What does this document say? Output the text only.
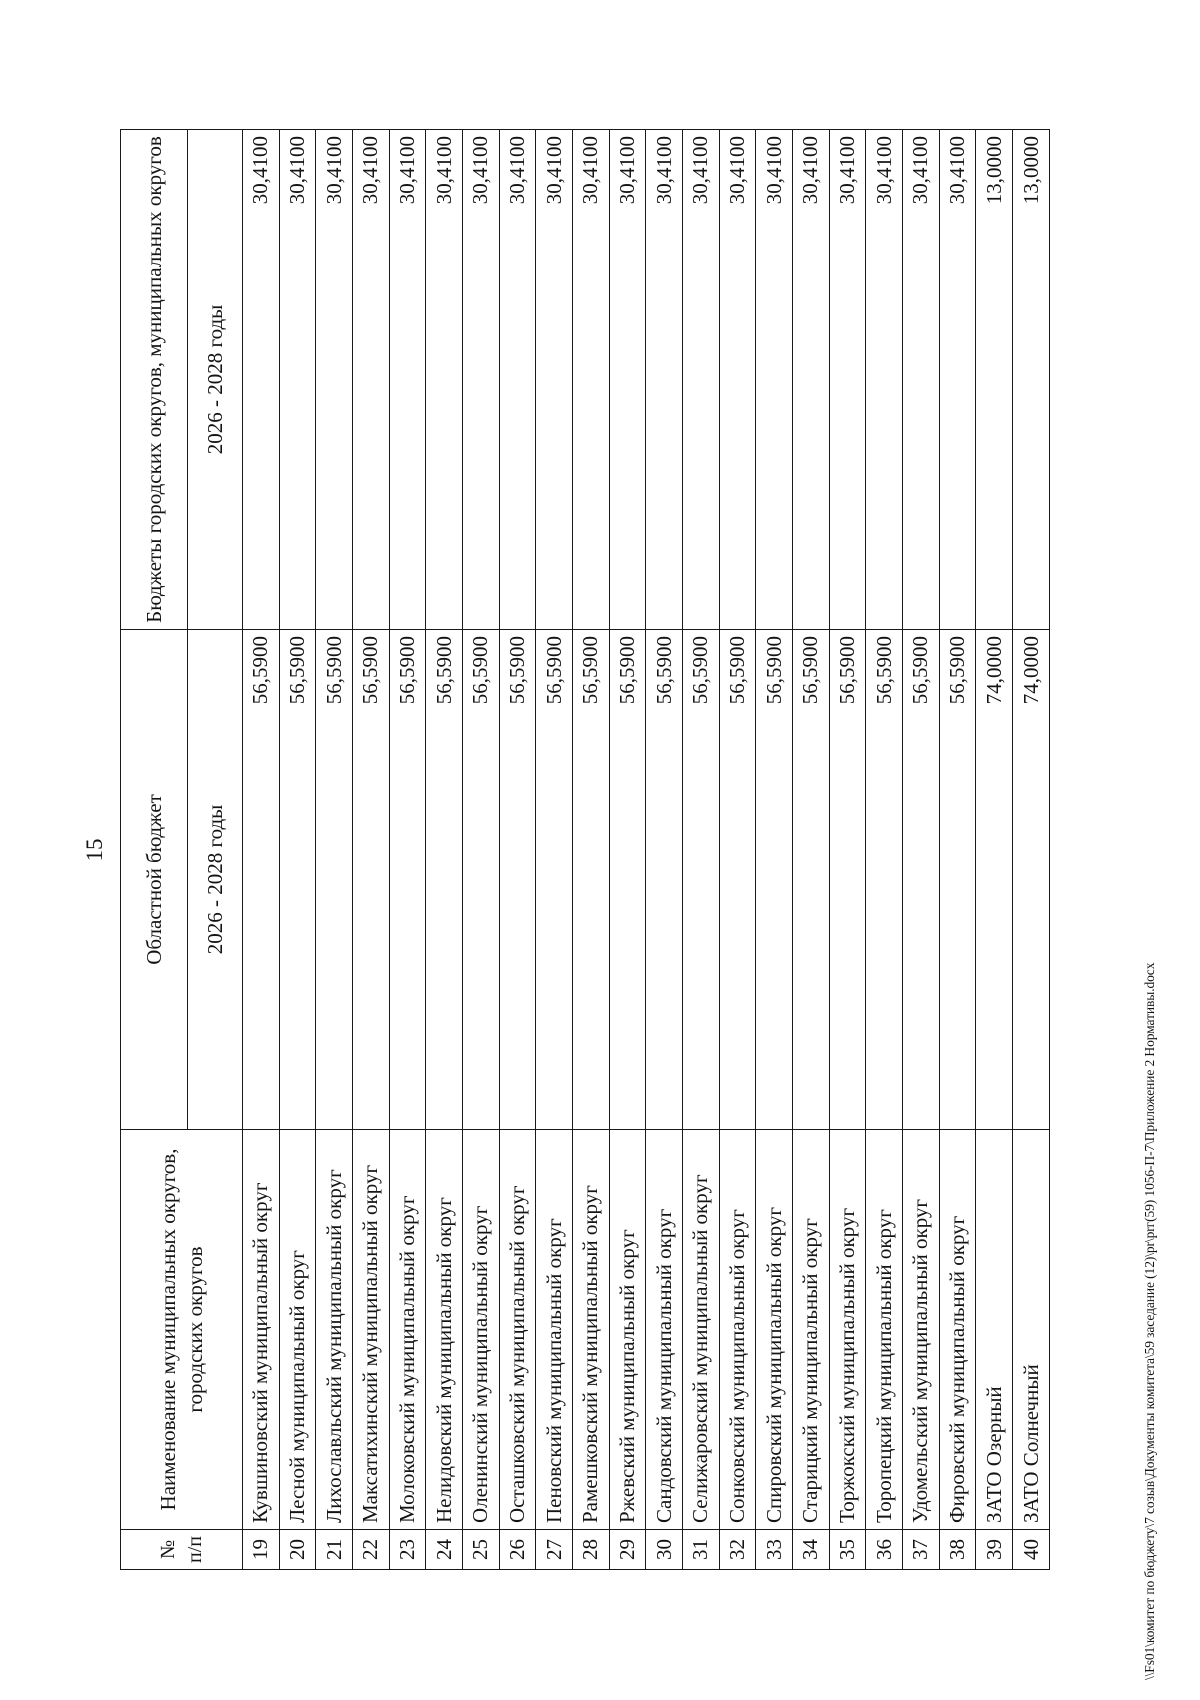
15
№ п/п	Наименование муниципальных округов, городских округов	Областной бюджет	Бюджеты городских округов, муниципальных округов
		2026 - 2028 годы	2026 - 2028 годы
19	Кувшиновский муниципальный округ	56,5900	30,4100
20	Лесной муниципальный округ	56,5900	30,4100
21	Лихославльский муниципальный округ	56,5900	30,4100
22	Максатихинский муниципальный округ	56,5900	30,4100
23	Молоковский муниципальный округ	56,5900	30,4100
24	Нелидовский муниципальный округ	56,5900	30,4100
25	Оленинский муниципальный округ	56,5900	30,4100
26	Осташковский муниципальный округ	56,5900	30,4100
27	Пеновский муниципальный округ	56,5900	30,4100
28	Рамешковский муниципальный округ	56,5900	30,4100
29	Ржевский муниципальный округ	56,5900	30,4100
30	Сандовский муниципальный округ	56,5900	30,4100
31	Селижаровский муниципальный округ	56,5900	30,4100
32	Сонковский муниципальный округ	56,5900	30,4100
33	Спировский муниципальный округ	56,5900	30,4100
34	Старицкий муниципальный округ	56,5900	30,4100
35	Торжокский муниципальный округ	56,5900	30,4100
36	Торопецкий муниципальный округ	56,5900	30,4100
37	Удомельский муниципальный округ	56,5900	30,4100
38	Фировский муниципальный округ	56,5900	30,4100
39	ЗАТО Озерный	74,0000	13,0000
40	ЗАТО Солнечный	74,0000	13,0000
\\Fs01\комитет по бюджету\7 созыв\Документы комитета\59 заседание (12)\pr\prг(59) 1056-П-7\Приложение 2 Нормативы.docx
